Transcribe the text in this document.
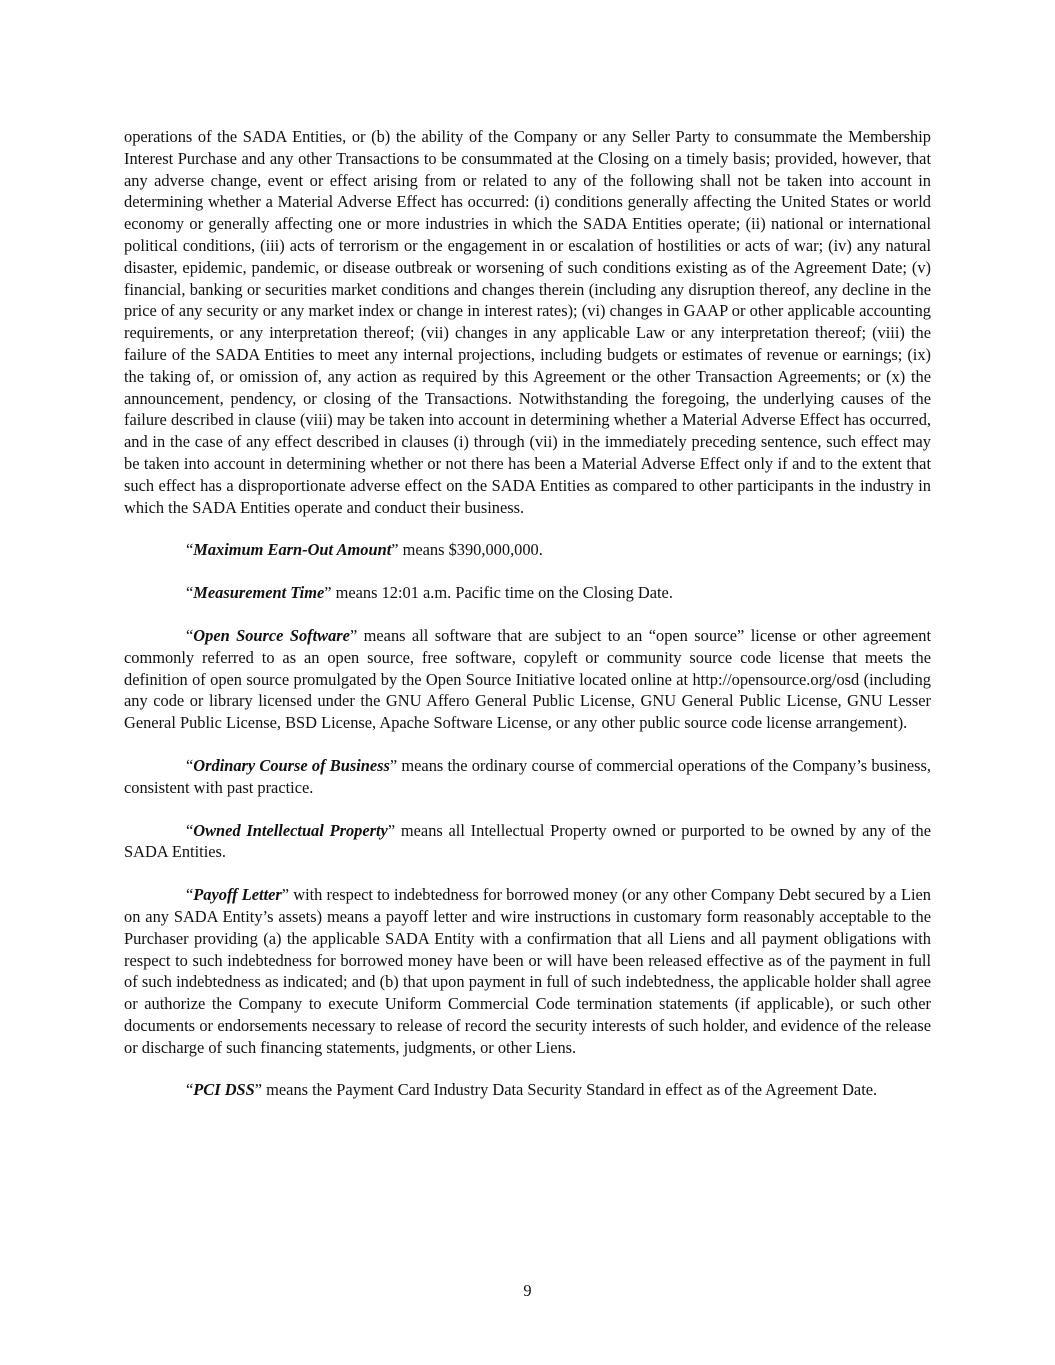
operations of the SADA Entities, or (b) the ability of the Company or any Seller Party to consummate the Membership Interest Purchase and any other Transactions to be consummated at the Closing on a timely basis; provided, however, that any adverse change, event or effect arising from or related to any of the following shall not be taken into account in determining whether a Material Adverse Effect has occurred: (i) conditions generally affecting the United States or world economy or generally affecting one or more industries in which the SADA Entities operate; (ii) national or international political conditions, (iii) acts of terrorism or the engagement in or escalation of hostilities or acts of war; (iv) any natural disaster, epidemic, pandemic, or disease outbreak or worsening of such conditions existing as of the Agreement Date; (v) financial, banking or securities market conditions and changes therein (including any disruption thereof, any decline in the price of any security or any market index or change in interest rates); (vi) changes in GAAP or other applicable accounting requirements, or any interpretation thereof; (vii) changes in any applicable Law or any interpretation thereof; (viii) the failure of the SADA Entities to meet any internal projections, including budgets or estimates of revenue or earnings; (ix) the taking of, or omission of, any action as required by this Agreement or the other Transaction Agreements; or (x) the announcement, pendency, or closing of the Transactions. Notwithstanding the foregoing, the underlying causes of the failure described in clause (viii) may be taken into account in determining whether a Material Adverse Effect has occurred, and in the case of any effect described in clauses (i) through (vii) in the immediately preceding sentence, such effect may be taken into account in determining whether or not there has been a Material Adverse Effect only if and to the extent that such effect has a disproportionate adverse effect on the SADA Entities as compared to other participants in the industry in which the SADA Entities operate and conduct their business.

“Maximum Earn-Out Amount” means $390,000,000.

“Measurement Time” means 12:01 a.m. Pacific time on the Closing Date.

“Open Source Software” means all software that are subject to an “open source” license or other agreement commonly referred to as an open source, free software, copyleft or community source code license that meets the definition of open source promulgated by the Open Source Initiative located online at http://opensource.org/osd (including any code or library licensed under the GNU Affero General Public License, GNU General Public License, GNU Lesser General Public License, BSD License, Apache Software License, or any other public source code license arrangement).

“Ordinary Course of Business” means the ordinary course of commercial operations of the Company’s business, consistent with past practice.

“Owned Intellectual Property” means all Intellectual Property owned or purported to be owned by any of the SADA Entities.

“Payoff Letter” with respect to indebtedness for borrowed money (or any other Company Debt secured by a Lien on any SADA Entity’s assets) means a payoff letter and wire instructions in customary form reasonably acceptable to the Purchaser providing (a) the applicable SADA Entity with a confirmation that all Liens and all payment obligations with respect to such indebtedness for borrowed money have been or will have been released effective as of the payment in full of such indebtedness as indicated; and (b) that upon payment in full of such indebtedness, the applicable holder shall agree or authorize the Company to execute Uniform Commercial Code termination statements (if applicable), or such other documents or endorsements necessary to release of record the security interests of such holder, and evidence of the release or discharge of such financing statements, judgments, or other Liens.

“PCI DSS” means the Payment Card Industry Data Security Standard in effect as of the Agreement Date.

9
